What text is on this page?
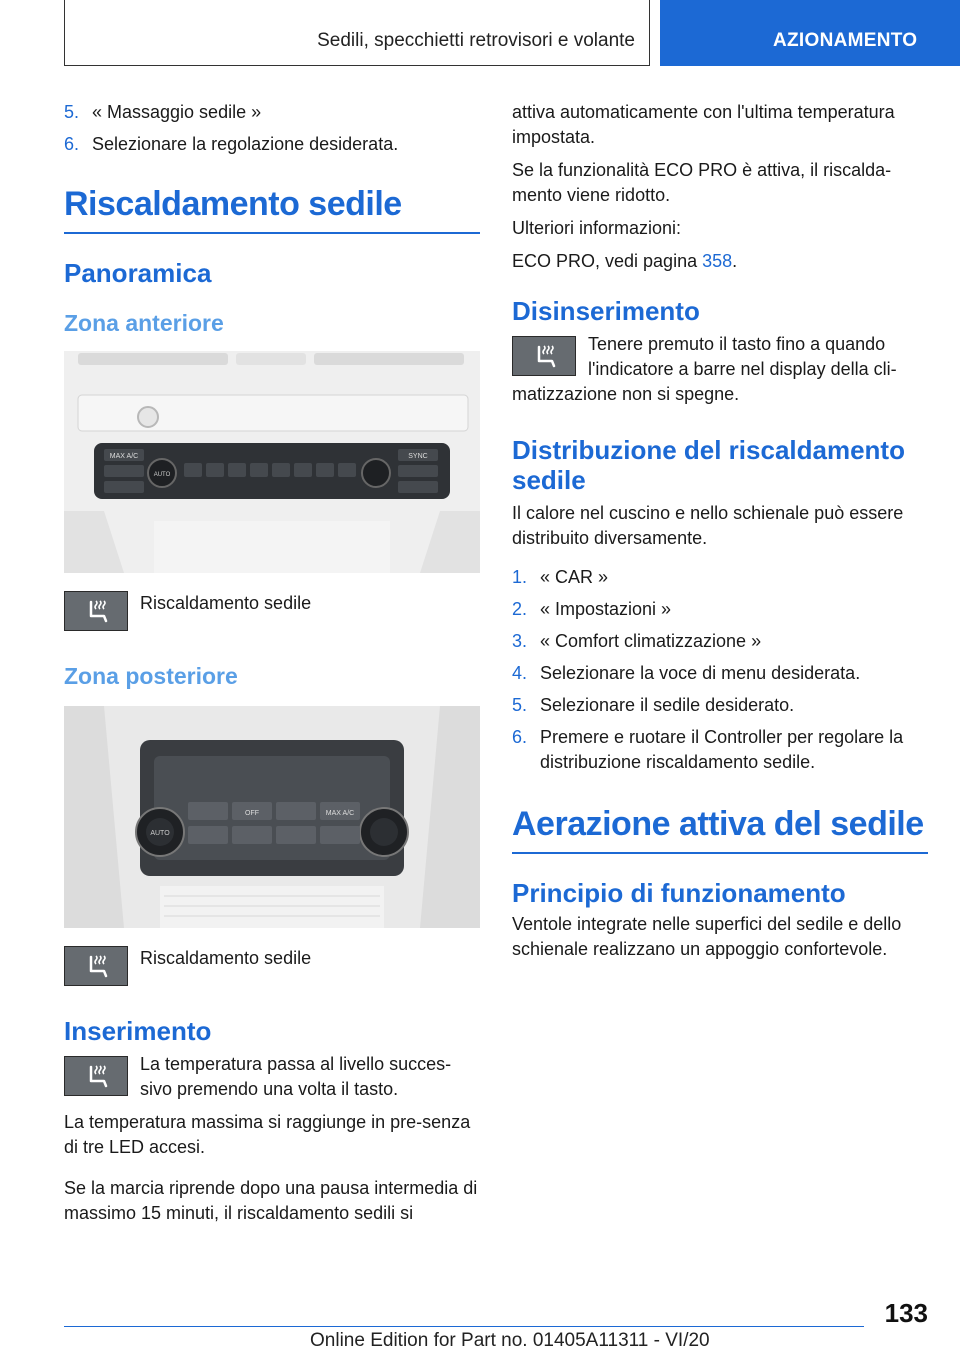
Sedili, specchietti retrovisori e volante	AZIONAMENTO
5. « Massaggio sedile »
6. Selezionare la regolazione desiderata.
Riscaldamento sedile
Panoramica
Zona anteriore
MAX A/C
AUTO
SYNC
Riscaldamento sedile
Zona posteriore
AUTO
OFF	MAX A/C
Riscaldamento sedile
Inserimento
La temperatura passa al livello succes-sivo premendo una volta il tasto.

La temperatura massima si raggiunge in pre-senza di tre LED accesi.

Se la marcia riprende dopo una pausa intermedia di massimo 15 minuti, il riscaldamento sedili si

attiva automaticamente con l'ultima temperatura impostata.

Se la funzionalità ECO PRO è attiva, il riscalda-mento viene ridotto.

Ulteriori informazioni:

ECO PRO, vedi pagina 358.

Disinserimento
Tenere premuto il tasto fino a quando l'indicatore a barre nel display della cli-

matizzazione non si spegne.

Distribuzione del riscaldamento sedile

Il calore nel cuscino e nello schienale può essere distribuito diversamente.

1. « CAR »
2. « Impostazioni »
3. « Comfort climatizzazione »
4. Selezionare la voce di menu desiderata.
5. Selezionare il sedile desiderato.
6. Premere e ruotare il Controller per regolare la distribuzione riscaldamento sedile.
Aerazione attiva del sedile
Principio di funzionamento

Ventole integrate nelle superfici del sedile e dello schienale realizzano un appoggio confortevole.

133
Online Edition for Part no. 01405A11311 - VI/20
